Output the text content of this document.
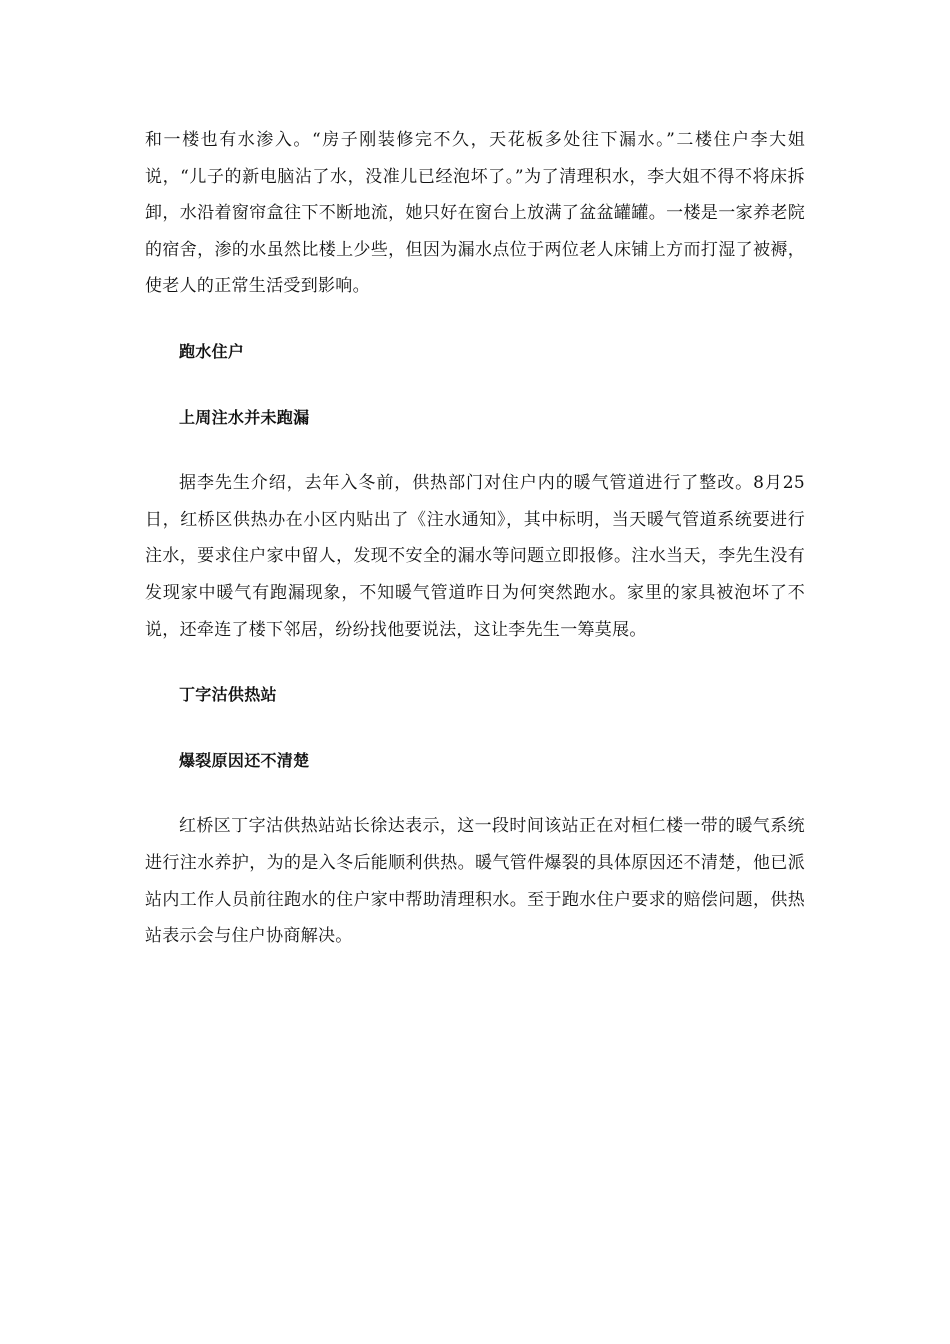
和一楼也有水渗入。“房子刚装修完不久，天花板多处往下漏水。”二楼住户李大姐说，“儿子的新电脑沾了水，没准儿已经泡坏了。”为了清理积水，李大姐不得不将床拆卸，水沿着窗帘盒往下不断地流，她只好在窗台上放满了盆盆罐罐。一楼是一家养老院的宿舍，渗的水虽然比楼上少些，但因为漏水点位于两位老人床铺上方而打湿了被褥，使老人的正常生活受到影响。

跑水住户

上周注水并未跑漏

据李先生介绍，去年入冬前，供热部门对住户内的暖气管道进行了整改。8月25日，红桥区供热办在小区内贴出了《注水通知》，其中标明，当天暖气管道系统要进行注水，要求住户家中留人，发现不安全的漏水等问题立即报修。注水当天，李先生没有发现家中暖气有跑漏现象，不知暖气管道昨日为何突然跑水。家里的家具被泡坏了不说，还牵连了楼下邻居，纷纷找他要说法，这让李先生一筹莫展。

丁字沽供热站

爆裂原因还不清楚

红桥区丁字沽供热站站长徐达表示，这一段时间该站正在对桓仁楼一带的暖气系统进行注水养护，为的是入冬后能顺利供热。暖气管件爆裂的具体原因还不清楚，他已派站内工作人员前往跑水的住户家中帮助清理积水。至于跑水住户要求的赔偿问题，供热站表示会与住户协商解决。
